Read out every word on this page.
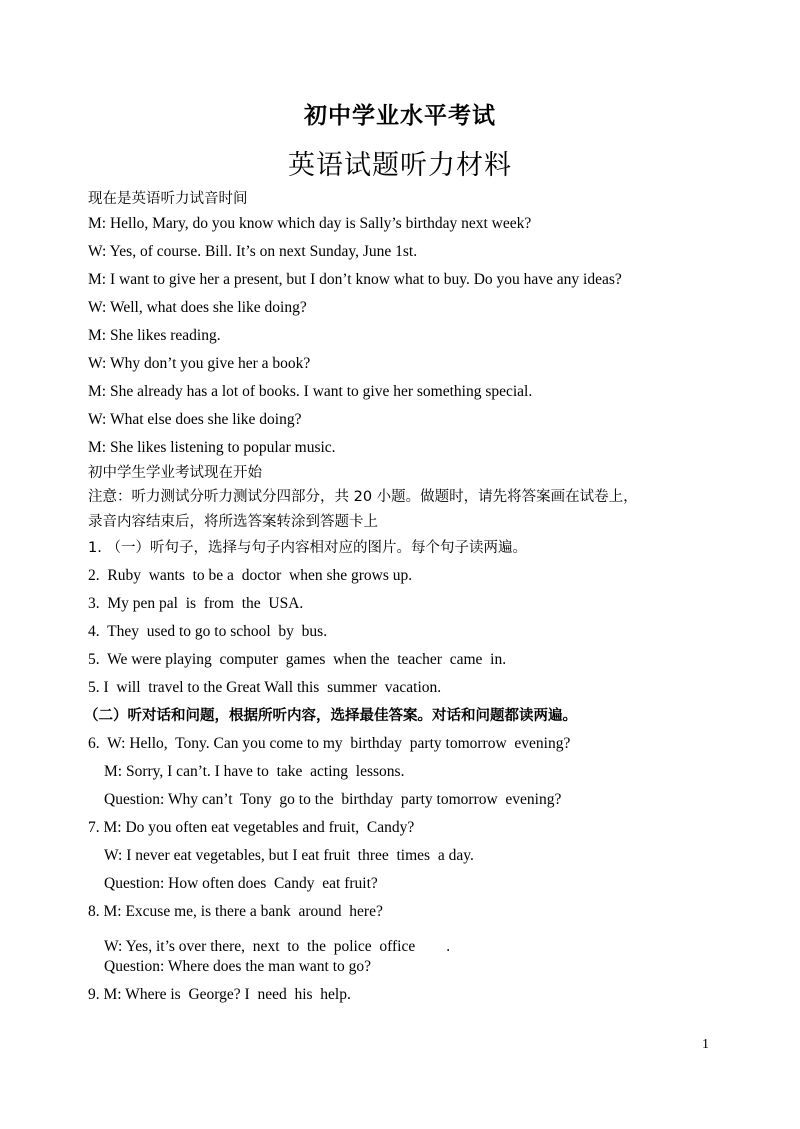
初中学业水平考试
英语试题听力材料
现在是英语听力试音时间
M: Hello, Mary, do you know which day is Sally’s birthday next week?
W: Yes, of course. Bill. It’s on next Sunday, June 1st.
M: I want to give her a present, but I don’t know what to buy. Do you have any ideas?
W: Well, what does she like doing?
M: She likes reading.
W: Why don’t you give her a book?
M: She already has a lot of books. I want to give her something special.
W: What else does she like doing?
M: She likes listening to popular music.
初中学生学业考试现在开始
注意：听力测试分听力测试分四部分，共 20 小题。做题时，请先将答案画在试卷上，
录音内容结束后，将所选答案转涂到答题卡上
1. （一）听句子，选择与句子内容相对应的图片。每个句子读两遍。
2.  Ruby  wants  to be a  doctor  when she grows up.
3.  My pen pal  is  from  the  USA.
4.  They  used to go to school  by  bus.
5.  We were playing  computer  games  when the  teacher  came  in.
5. I  will  travel to the Great Wall this  summer  vacation.
（二）听对话和问题，根据所听内容，选择最佳答案。对话和问题都读两遍。
6.  W: Hello,  Tony. Can you come to my  birthday  party tomorrow  evening?
M: Sorry, I can’t. I have to  take  acting  lessons.
Question: Why can’t  Tony  go to the  birthday  party tomorrow  evening?
7. M: Do you often eat vegetables and fruit,  Candy?
W: I never eat vegetables, but I eat fruit  three  times  a day.
Question: How often does  Candy  eat fruit?
8. M: Excuse me, is there a bank  around  here?
W: Yes, it’s over there,  next  to  the  police  office        .
Question: Where does the man want to go?
9. M: Where is  George? I  need  his  help.
1
